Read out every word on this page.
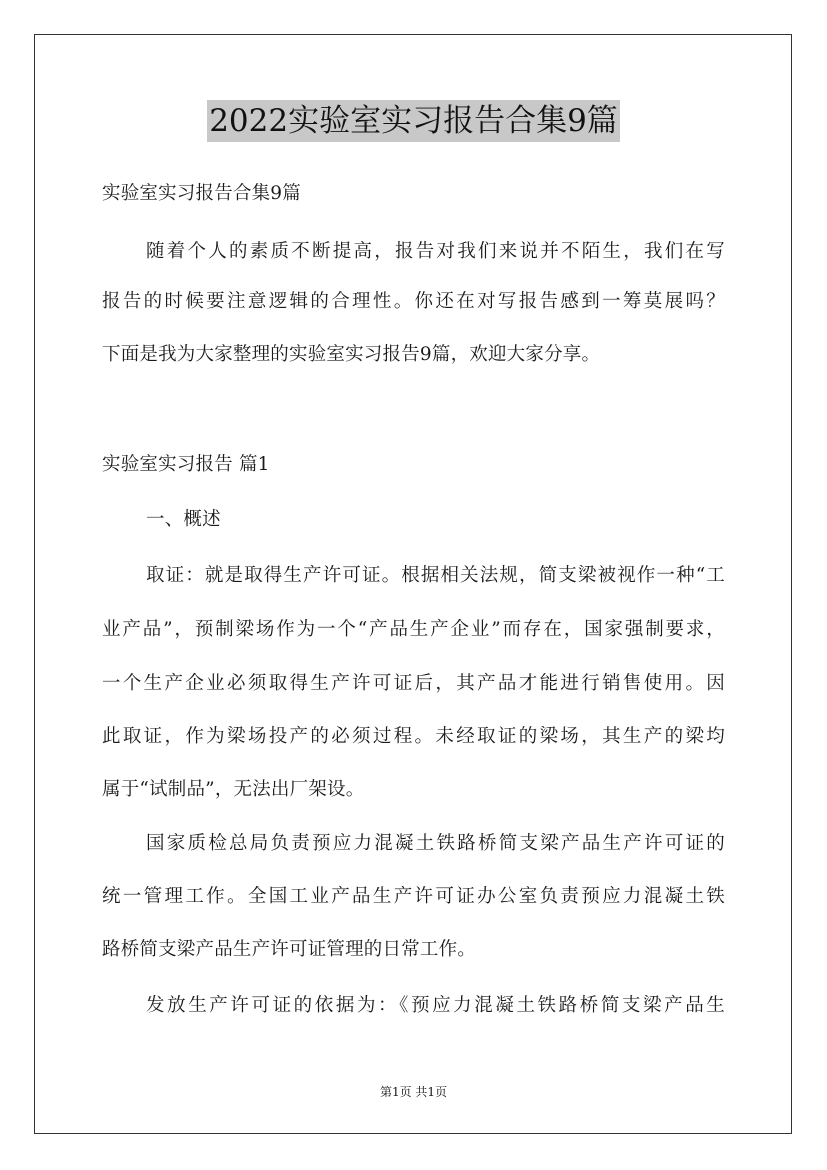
2022实验室实习报告合集9篇
实验室实习报告合集9篇
随着个人的素质不断提高，报告对我们来说并不陌生，我们在写
报告的时候要注意逻辑的合理性。你还在对写报告感到一筹莫展吗？
下面是我为大家整理的实验室实习报告9篇，欢迎大家分享。
实验室实习报告 篇1
一、概述
取证：就是取得生产许可证。根据相关法规，简支梁被视作一种“工
业产品”，预制梁场作为一个“产品生产企业”而存在，国家强制要求，
一个生产企业必须取得生产许可证后，其产品才能进行销售使用。因
此取证，作为梁场投产的必须过程。未经取证的梁场，其生产的梁均
属于“试制品”，无法出厂架设。
国家质检总局负责预应力混凝土铁路桥简支梁产品生产许可证的
统一管理工作。全国工业产品生产许可证办公室负责预应力混凝土铁
路桥简支梁产品生产许可证管理的日常工作。
发放生产许可证的依据为：《预应力混凝土铁路桥简支梁产品生
第1页 共1页
